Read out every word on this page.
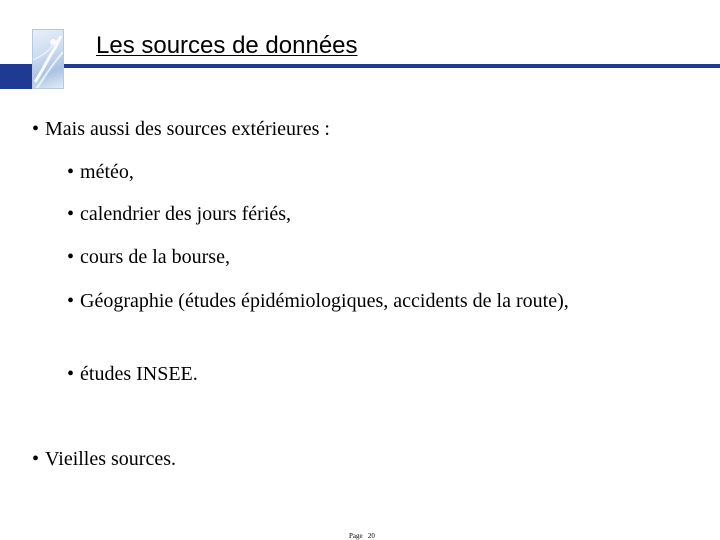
Les sources de données
• Mais aussi des sources extérieures :
• météo,
• calendrier des jours fériés,
• cours de la bourse,
• Géographie (études épidémiologiques, accidents de la route),
• études INSEE.
• Vieilles sources.
Page 20
